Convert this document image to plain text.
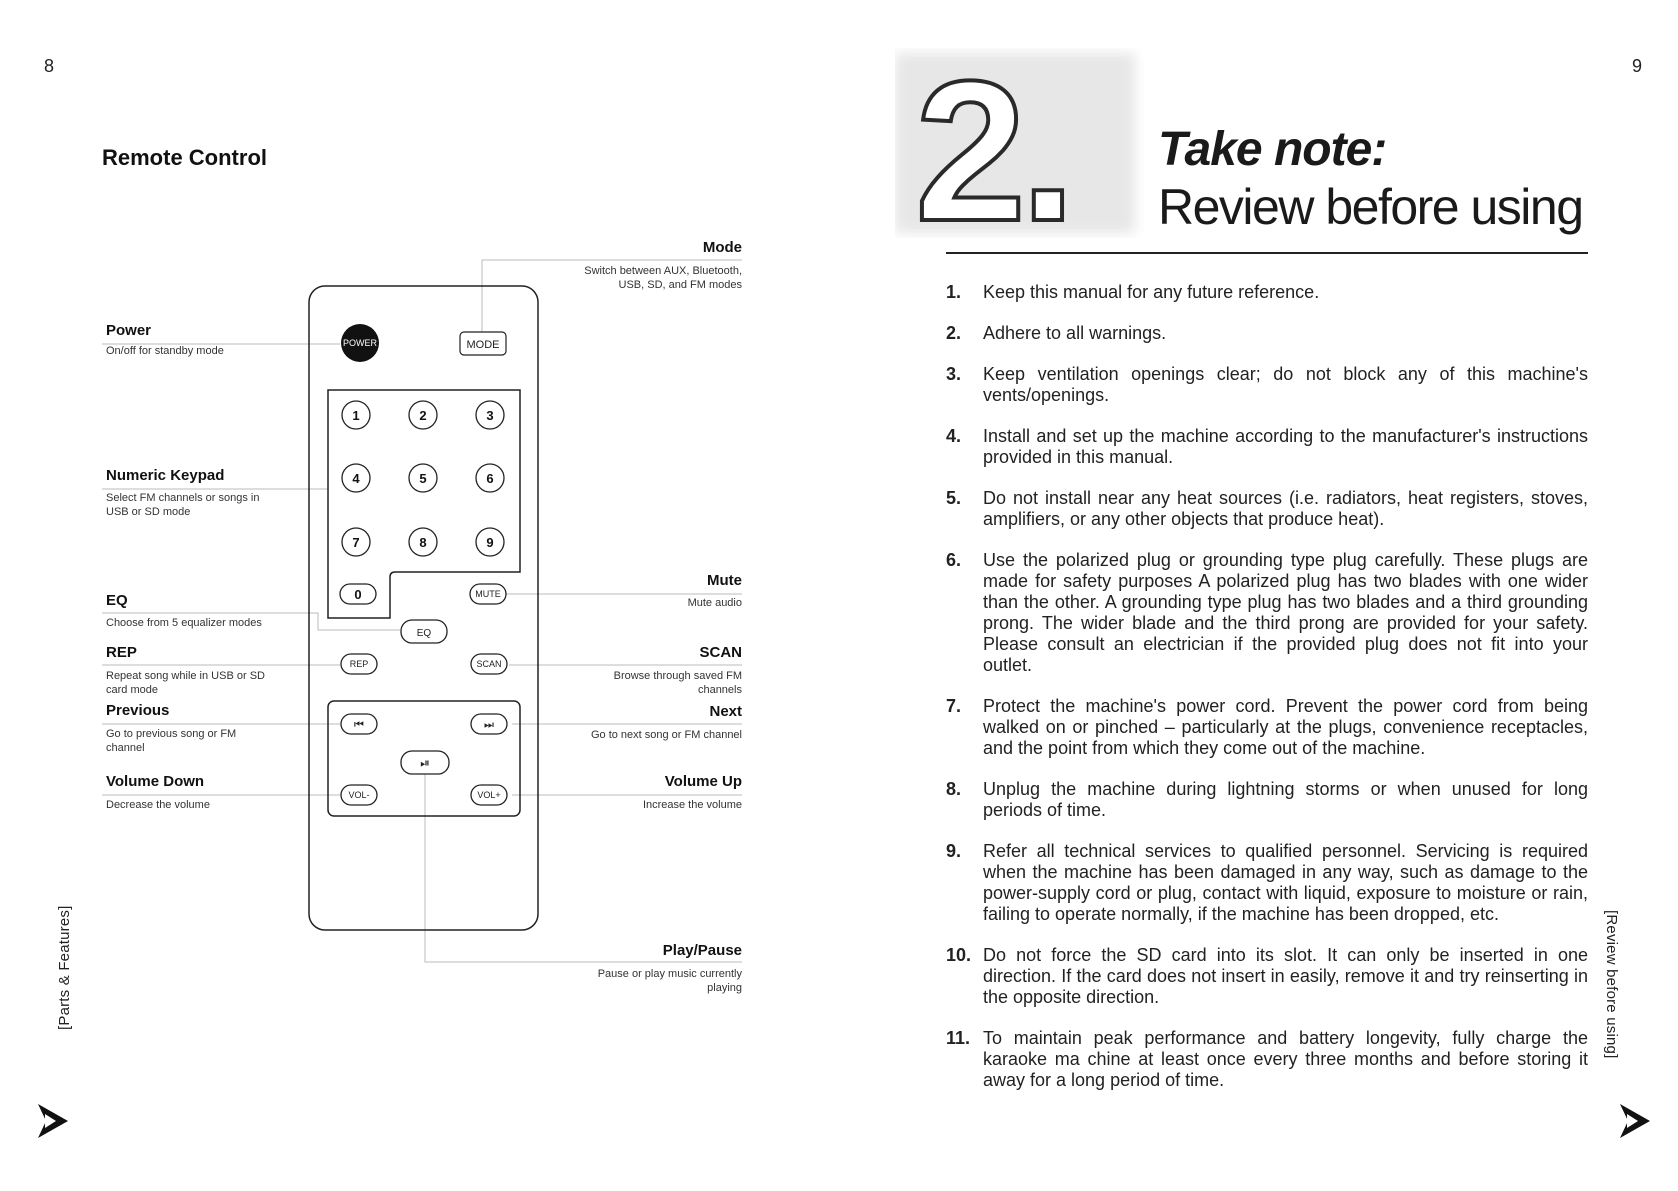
8	9
[Parts & Features]	[Review before using]
Remote Control
POWER	MODE
1	2	3
4	5	6
7	8	9
0	MUTE
EQ
REP	SCAN
⏮	⏭
⏯
VOL-	VOL+
Power
On/off for standby mode
Numeric Keypad
Select FM channels or songs in
USB or SD mode
EQ
Choose from 5 equalizer modes
REP
Repeat song while in USB or SD
card mode
Previous
Go to previous song or FM
channel
Volume Down
Decrease the volume
Mode
Switch between AUX, Bluetooth,
USB, SD, and FM modes
Mute
Mute audio
SCAN
Browse through saved FM
channels
Next
Go to next song or FM channel
Volume Up
Increase the volume
Play/Pause
Pause or play music currently
playing
2. Take note:
Review before using
1.	Keep this manual for any future reference.
2.	Adhere to all warnings.
3.	Keep ventilation openings clear; do not block any of this machine's vents/openings.
4.	Install and set up the machine according to the manufacturer's instructions provided in this manual.
5.	Do not install near any heat sources (i.e. radiators, heat registers, stoves, amplifiers, or any other objects that produce heat).
6.	Use the polarized plug or grounding type plug carefully. These plugs are made for safety purposes A polarized plug has two blades with one wider than the other. A grounding type plug has two blades and a third grounding prong. The wider blade and the third prong are provided for your safety. Please consult an electrician if the provided plug does not fit into your outlet.
7.	Protect the machine's power cord. Prevent the power cord from being walked on or pinched – particularly at the plugs, convenience receptacles, and the point from which they come out of the machine.
8.	Unplug the machine during lightning storms or when unused for long periods of time.
9.	Refer all technical services to qualified personnel. Servicing is required when the machine has been damaged in any way, such as damage to the power-supply cord or plug, contact with liquid, exposure to moisture or rain, failing to operate normally, if the machine has been dropped, etc.
10. Do not force the SD card into its slot. It can only be inserted in one direction. If the card does not insert in easily, remove it and try reinserting in the opposite direction.
11. To maintain peak performance and battery longevity, fully charge the karaoke ma chine at least once every three months and before storing it away for a long period of time.
